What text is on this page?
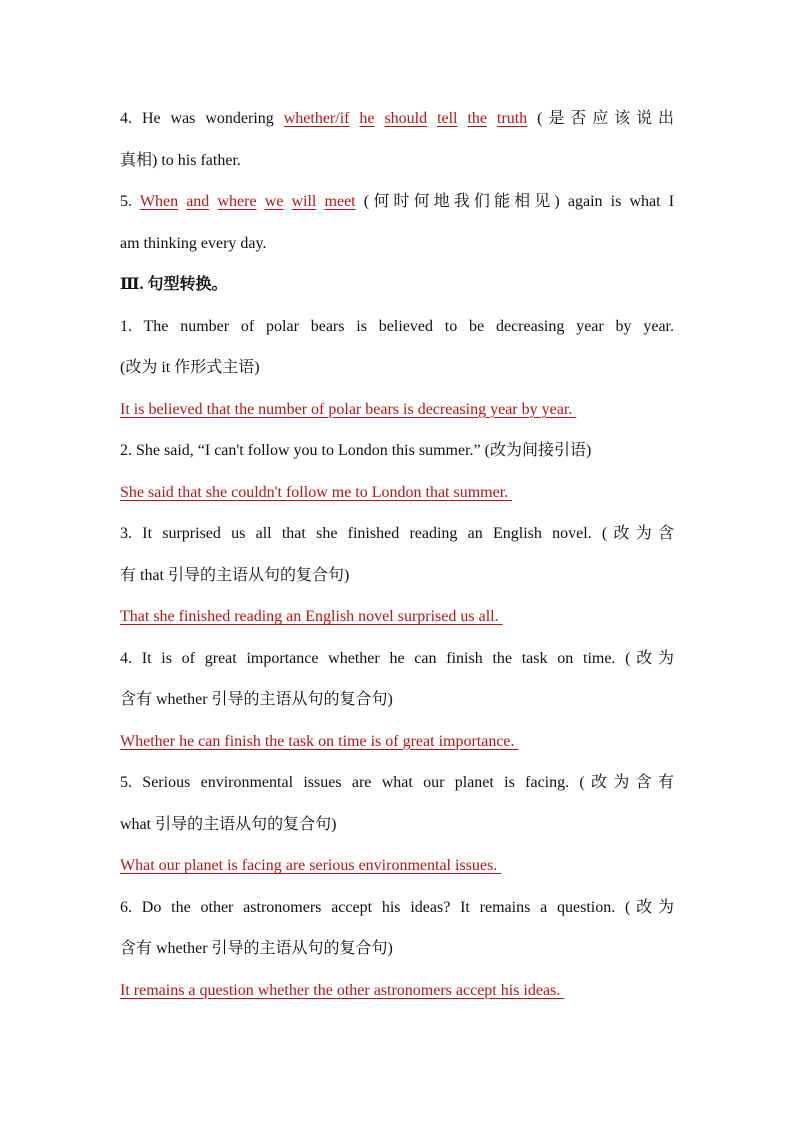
4. He was wondering whether/if he should tell the truth (是否应该说出
真相) to his father.
5. When and where we will meet (何时何地我们能相见) again is what I
am thinking every day.
Ⅲ. 句型转换。
1. The number of polar bears is believed to be decreasing year by year.
(改为 it 作形式主语)
It is believed that the number of polar bears is decreasing year by year.
2. She said, “I can't follow you to London this summer.” (改为间接引语)
She said that she couldn't follow me to London that summer.
3. It surprised us all that she finished reading an English novel. (改为含
有 that 引导的主语从句的复合句)
That she finished reading an English novel surprised us all.
4. It is of great importance whether he can finish the task on time. (改为
含有 whether 引导的主语从句的复合句)
Whether he can finish the task on time is of great importance.
5. Serious environmental issues are what our planet is facing. (改为含有
what 引导的主语从句的复合句)
What our planet is facing are serious environmental issues.
6. Do the other astronomers accept his ideas? It remains a question. (改为
含有 whether 引导的主语从句的复合句)
It remains a question whether the other astronomers accept his ideas.
